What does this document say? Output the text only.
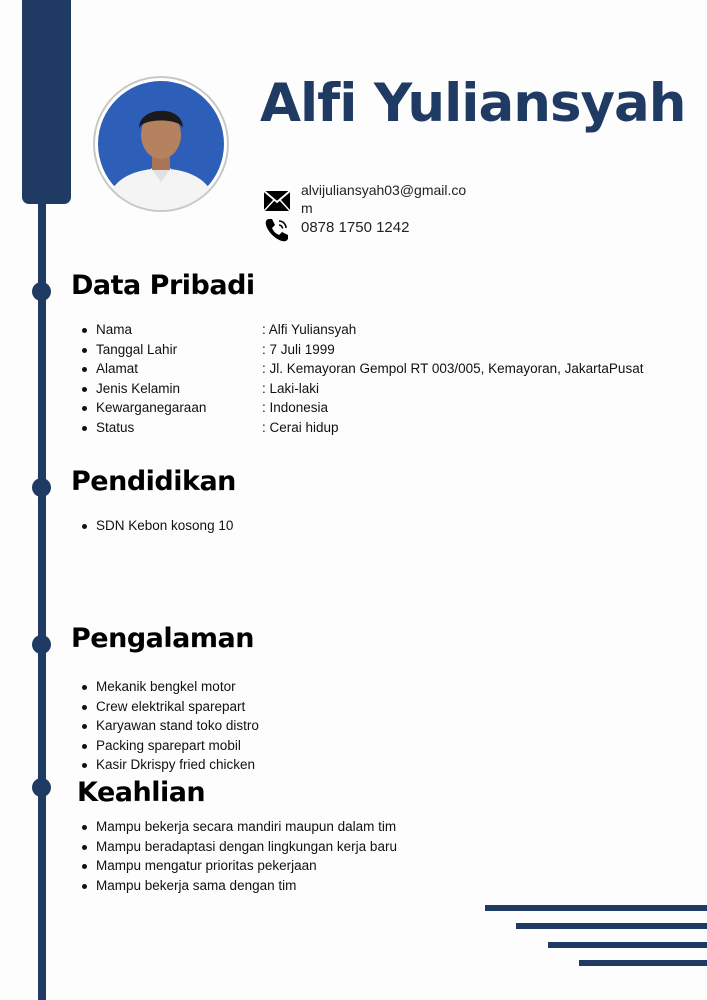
Alfi Yuliansyah
alvijuliansyah03@gmail.com
0878 1750 1242
Data Pribadi
Nama	: Alfi Yuliansyah
Tanggal Lahir	: 7 Juli 1999
Alamat	: Jl. Kemayoran Gempol RT 003/005, Kemayoran, JakartaPusat
Jenis Kelamin	: Laki-laki
Kewarganegaraan	: Indonesia
Status	: Cerai hidup
Pendidikan
SDN Kebon kosong 10
Pengalaman
Mekanik bengkel motor
Crew elektrikal sparepart
Karyawan stand toko distro
Packing sparepart mobil
Kasir Dkrispy fried chicken
Keahlian
Mampu bekerja secara mandiri maupun dalam tim
Mampu beradaptasi dengan lingkungan kerja baru
Mampu mengatur prioritas pekerjaan
Mampu bekerja sama dengan tim
